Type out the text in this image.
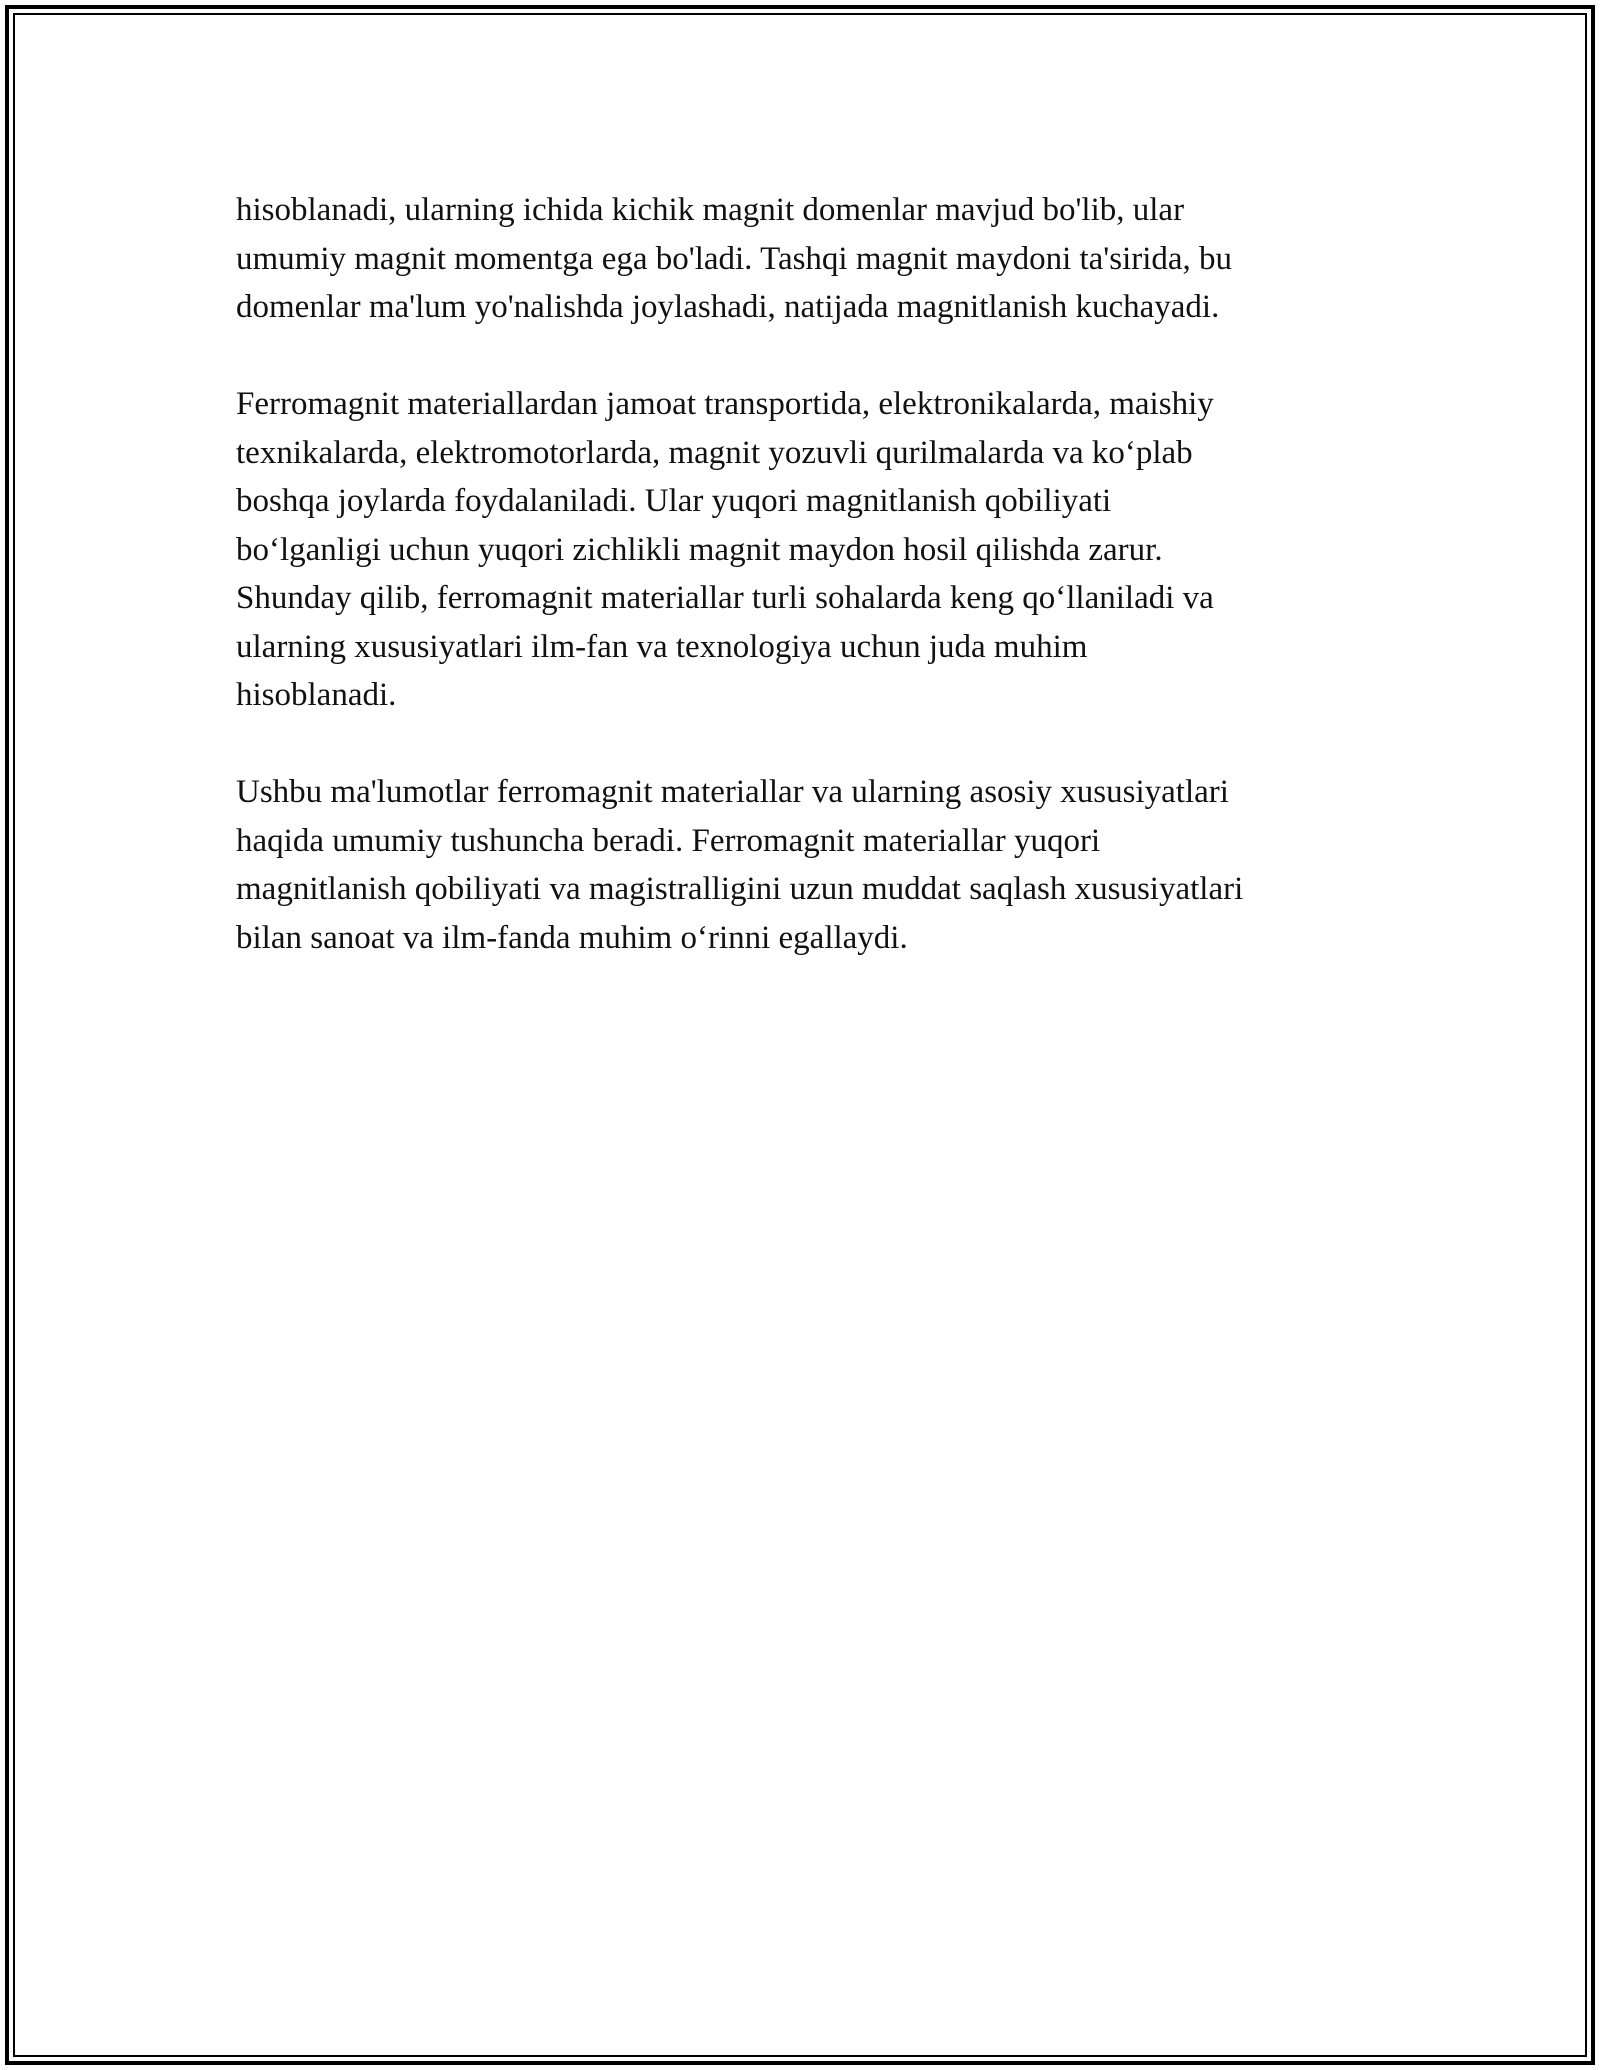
hisoblanadi, ularning ichida kichik magnit domenlar mavjud bo'lib, ular
umumiy magnit momentga ega bo'ladi. Tashqi magnit maydoni ta'sirida, bu
domenlar ma'lum yo'nalishda joylashadi, natijada magnitlanish kuchayadi.

Ferromagnit materiallardan jamoat transportida, elektronikalarda, maishiy
texnikalarda, elektromotorlarda, magnit yozuvli qurilmalarda va koʻplab
boshqa joylarda foydalaniladi. Ular yuqori magnitlanish qobiliyati
boʻlganligi uchun yuqori zichlikli magnit maydon hosil qilishda zarur.
Shunday qilib, ferromagnit materiallar turli sohalarda keng qoʻllaniladi va
ularning xususiyatlari ilm-fan va texnologiya uchun juda muhim
hisoblanadi.

Ushbu ma'lumotlar ferromagnit materiallar va ularning asosiy xususiyatlari
haqida umumiy tushuncha beradi. Ferromagnit materiallar yuqori
magnitlanish qobiliyati va magistralligini uzun muddat saqlash xususiyatlari
bilan sanoat va ilm-fanda muhim oʻrinni egallaydi.
